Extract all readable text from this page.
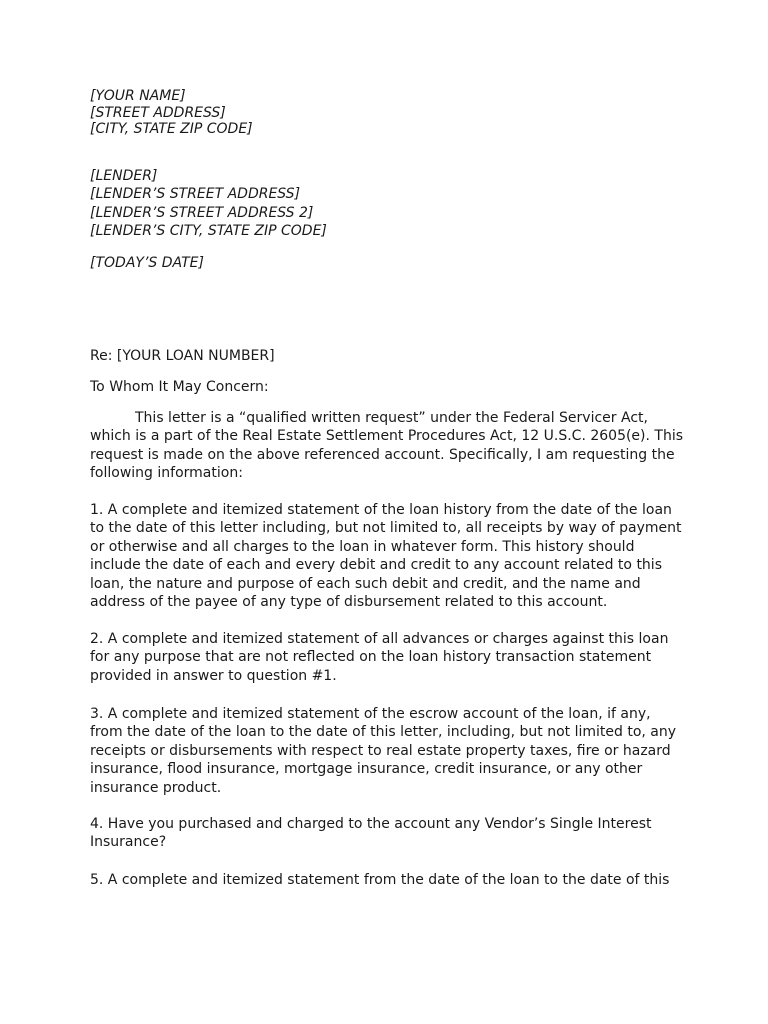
[YOUR NAME]
[STREET ADDRESS]
[CITY, STATE ZIP CODE]
[LENDER]
[LENDER’S STREET ADDRESS]
[LENDER’S STREET ADDRESS 2]
[LENDER’S CITY, STATE ZIP CODE]
[TODAY’S DATE]
Re: [YOUR LOAN NUMBER]
To Whom It May Concern:
This letter is a “qualified written request” under the Federal Servicer Act,
which is a part of the Real Estate Settlement Procedures Act, 12 U.S.C. 2605(e). This
request is made on the above referenced account. Specifically, I am requesting the
following information:
1. A complete and itemized statement of the loan history from the date of the loan
to the date of this letter including, but not limited to, all receipts by way of payment
or otherwise and all charges to the loan in whatever form. This history should
include the date of each and every debit and credit to any account related to this
loan, the nature and purpose of each such debit and credit, and the name and
address of the payee of any type of disbursement related to this account.
2. A complete and itemized statement of all advances or charges against this loan
for any purpose that are not reflected on the loan history transaction statement
provided in answer to question #1.
3. A complete and itemized statement of the escrow account of the loan, if any,
from the date of the loan to the date of this letter, including, but not limited to, any
receipts or disbursements with respect to real estate property taxes, fire or hazard
insurance, flood insurance, mortgage insurance, credit insurance, or any other
insurance product.
4. Have you purchased and charged to the account any Vendor’s Single Interest
Insurance?
5. A complete and itemized statement from the date of the loan to the date of this
